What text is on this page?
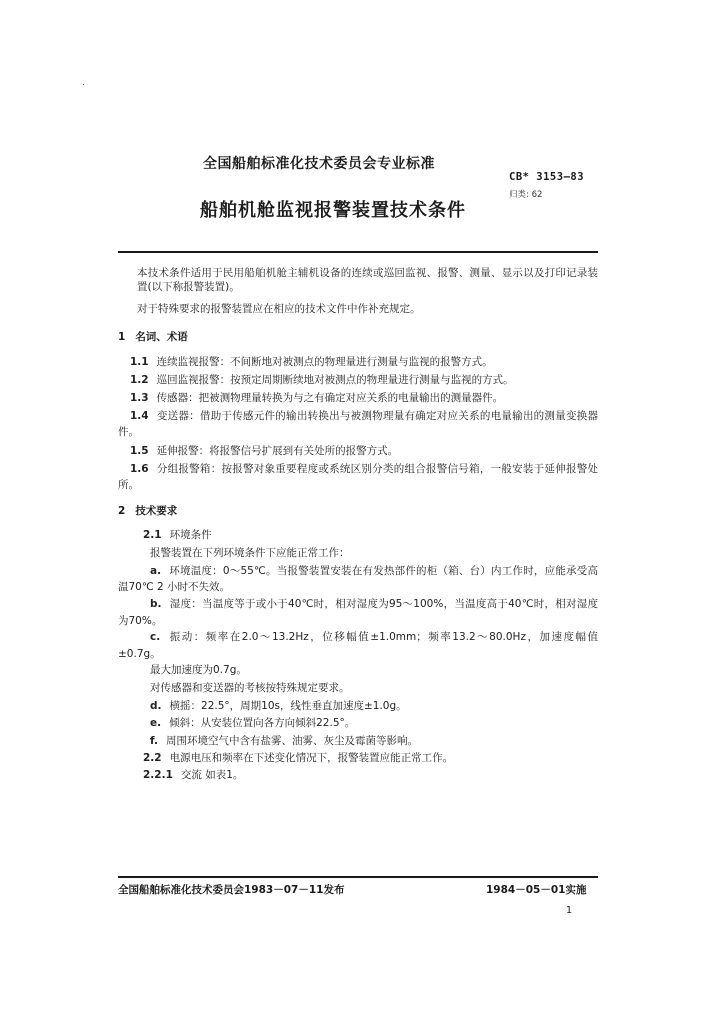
全国船舶标准化技术委员会专业标准
CB* 3153—83
归类: 62
船舶机舱监视报警装置技术条件
本技术条件适用于民用船舶机舱主辅机设备的连续或巡回监视、报警、测量、显示以及打印记录装置(以下称报警装置)。
对于特殊要求的报警装置应在相应的技术文件中作补充规定。
1 名词、术语
1.1 连续监视报警：不间断地对被测点的物理量进行测量与监视的报警方式。
1.2 巡回监视报警：按预定周期断续地对被测点的物理量进行测量与监视的方式。
1.3 传感器：把被测物理量转换为与之有确定对应关系的电量输出的测量器件。
1.4 变送器：借助于传感元件的输出转换出与被测物理量有确定对应关系的电量输出的测量变换器件。
1.5 延伸报警：将报警信号扩展到有关处所的报警方式。
1.6 分组报警箱：按报警对象重要程度或系统区别分类的组合报警信号箱，一般安装于延伸报警处所。
2 技术要求
2.1 环境条件
报警装置在下列环境条件下应能正常工作：
a. 环境温度：0～55℃。当报警装置安装在有发热部件的柜（箱、台）内工作时，应能承受高温70℃ 2 小时不失效。
b. 湿度：当温度等于或小于40℃时，相对湿度为95～100%，当温度高于40℃时，相对湿度为70%。
c. 振动：频率在2.0～13.2Hz，位移幅值±1.0mm；频率13.2～80.0Hz，加速度幅值±0.7g。
最大加速度为0.7g。
对传感器和变送器的考核按特殊规定要求。
d. 横摇：22.5°，周期10s，线性垂直加速度±1.0g。
e. 倾斜：从安装位置向各方向倾斜22.5°。
f. 周围环境空气中含有盐雾、油雾、灰尘及霉菌等影响。
2.2 电源电压和频率在下述变化情况下，报警装置应能正常工作。
2.2.1 交流 如表1。
全国船舶标准化技术委员会1983－07－11发布	1984－05－01实施
1
